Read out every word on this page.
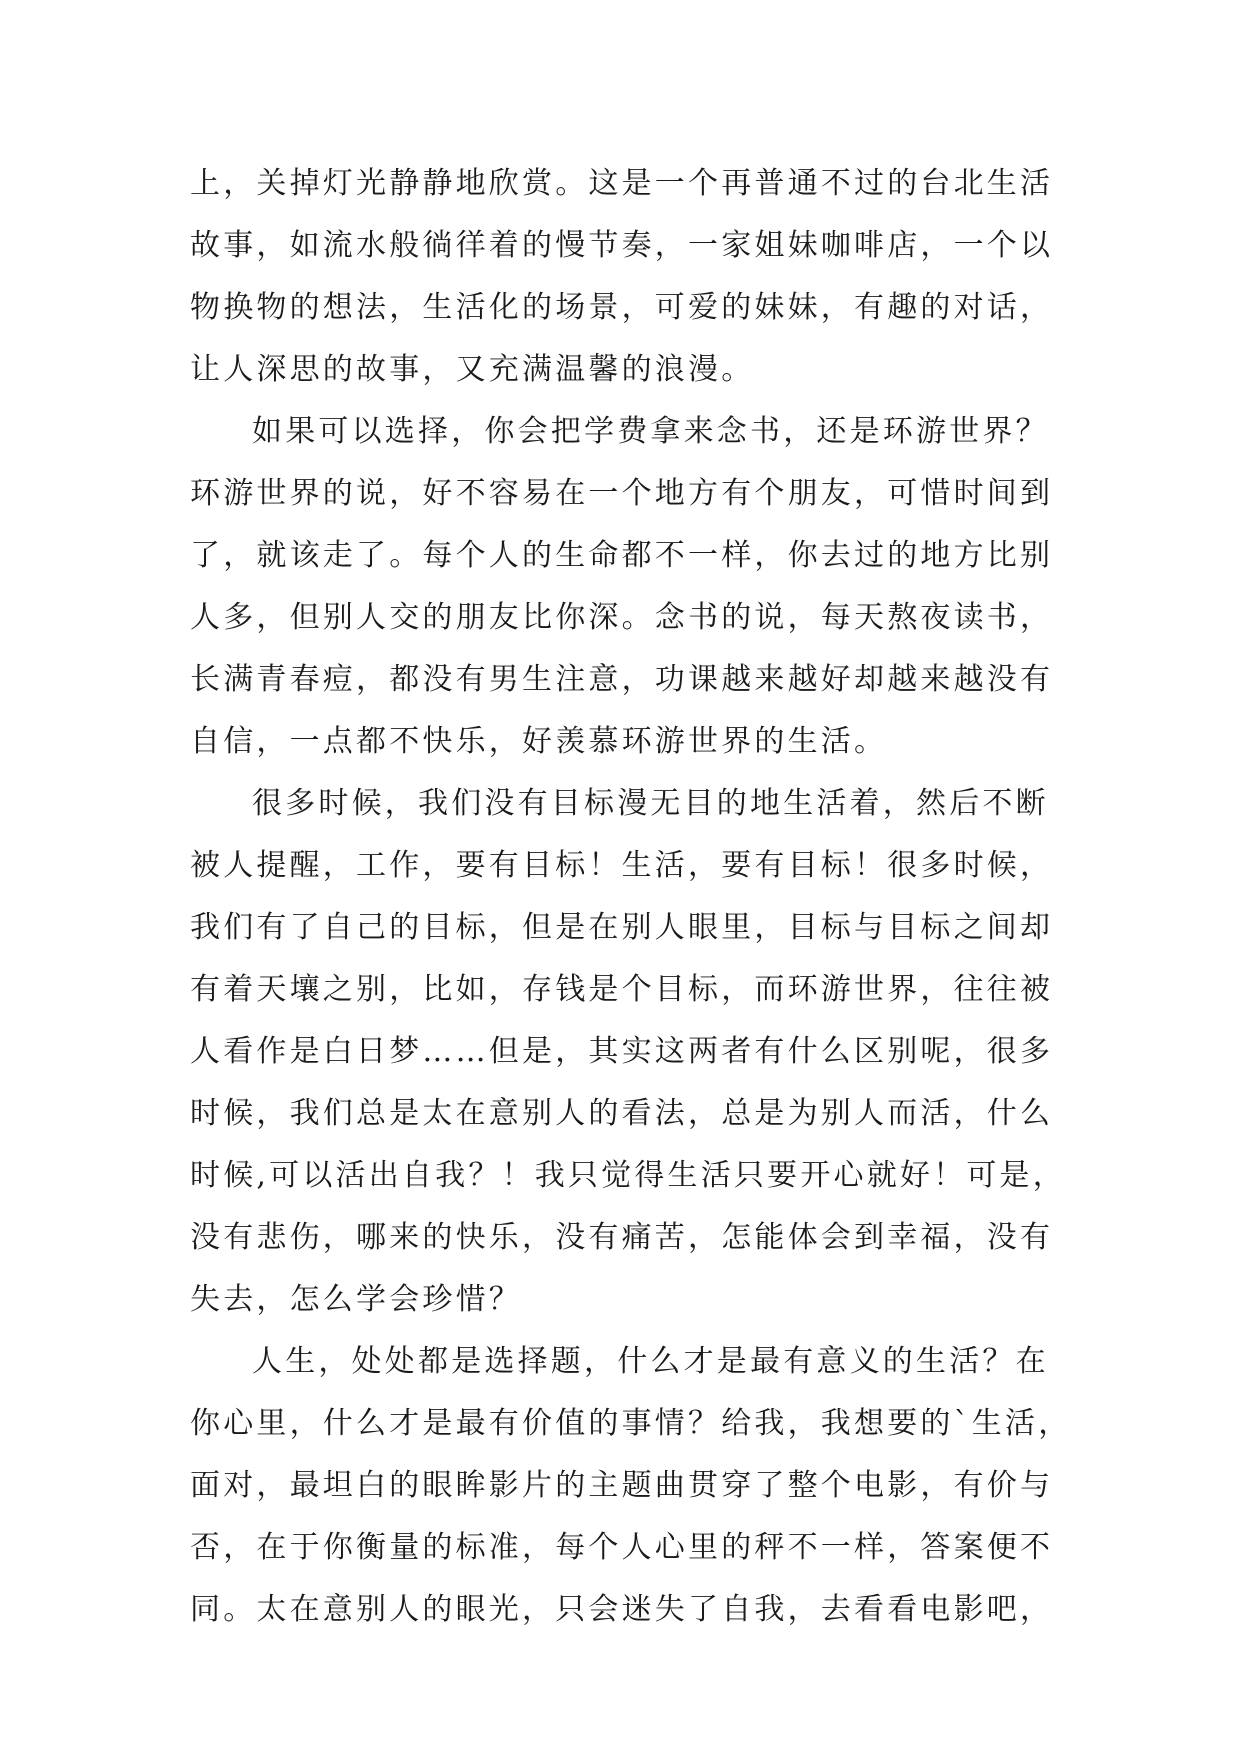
上，关掉灯光静静地欣赏。这是一个再普通不过的台北生活
故事，如流水般徜徉着的慢节奏，一家姐妹咖啡店，一个以
物换物的想法，生活化的场景，可爱的妹妹，有趣的对话，
让人深思的故事，又充满温馨的浪漫。
如果可以选择，你会把学费拿来念书，还是环游世界？
环游世界的说，好不容易在一个地方有个朋友，可惜时间到
了，就该走了。每个人的生命都不一样，你去过的地方比别
人多，但别人交的朋友比你深。念书的说，每天熬夜读书，
长满青春痘，都没有男生注意，功课越来越好却越来越没有
自信，一点都不快乐，好羡慕环游世界的生活。
很多时候，我们没有目标漫无目的地生活着，然后不断
被人提醒，工作，要有目标！生活，要有目标！很多时候，
我们有了自己的目标，但是在别人眼里，目标与目标之间却
有着天壤之别，比如，存钱是个目标，而环游世界，往往被
人看作是白日梦……但是，其实这两者有什么区别呢，很多
时候，我们总是太在意别人的看法，总是为别人而活，什么
时候,可以活出自我？！我只觉得生活只要开心就好！可是，
没有悲伤，哪来的快乐，没有痛苦，怎能体会到幸福，没有
失去，怎么学会珍惜？
人生，处处都是选择题，什么才是最有意义的生活？在
你心里，什么才是最有价值的事情？给我，我想要的`生活，
面对，最坦白的眼眸影片的主题曲贯穿了整个电影，有价与
否，在于你衡量的标准，每个人心里的秤不一样，答案便不
同。太在意别人的眼光，只会迷失了自我，去看看电影吧，
